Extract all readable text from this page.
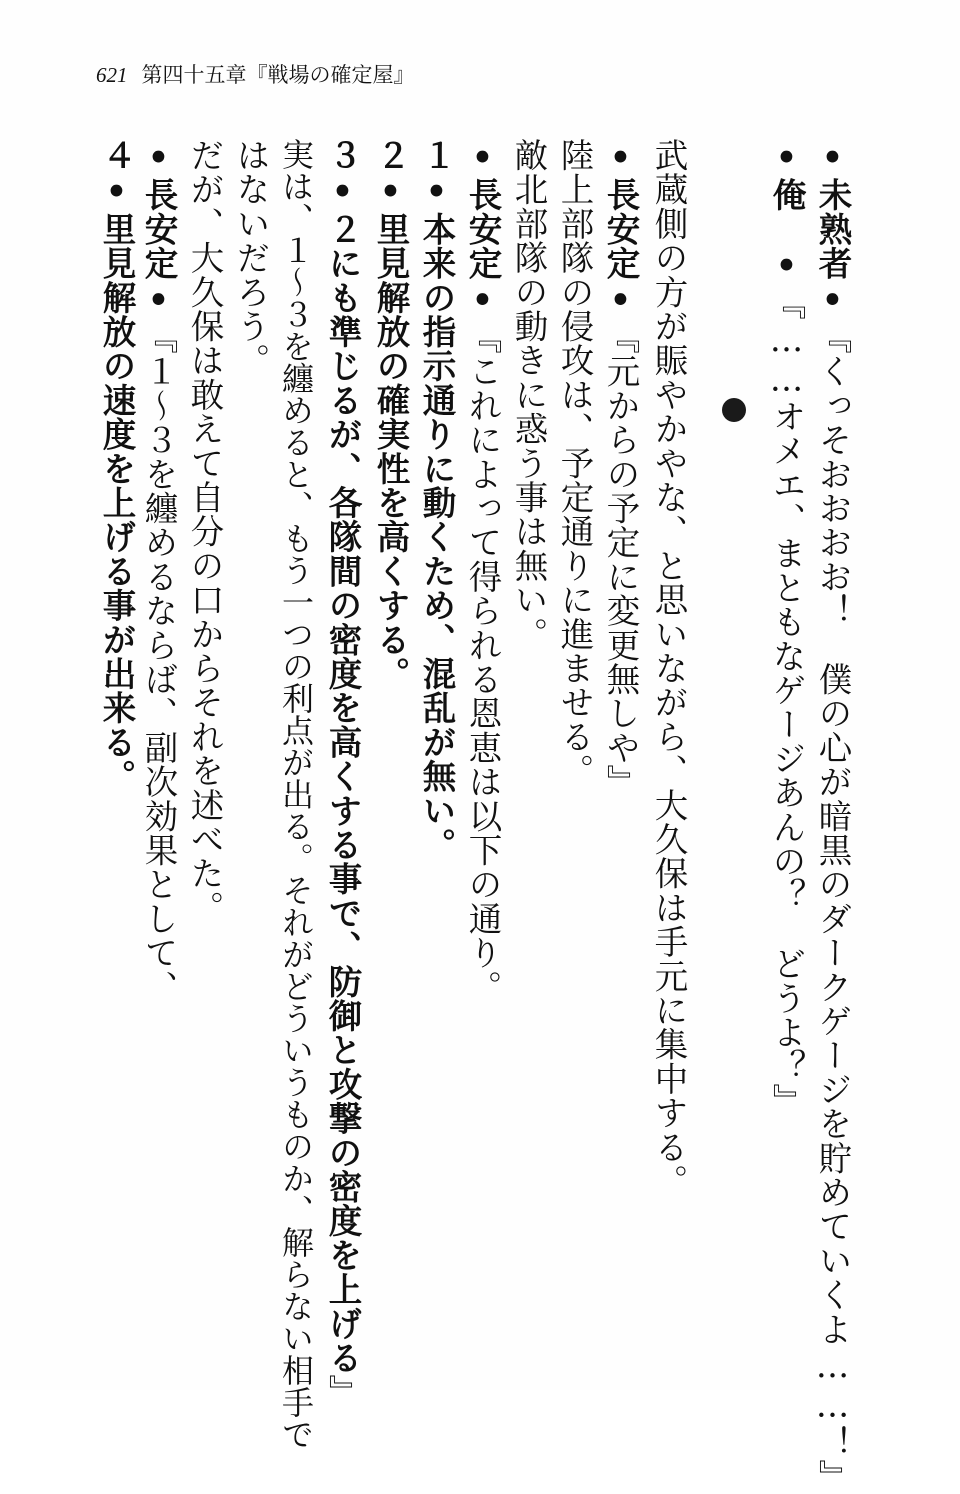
621 第四十五章『戦場の確定屋』
•未熟者•『くっそおおおお！　僕の心が暗黒のダークゲージを貯めていくよ……！』
•俺　•『……オメエ、まともなゲージあんの？　どうよ？』
武蔵側の方が賑やかやな、と思いながら、大久保は手元に集中する。
•長安定•『元からの予定に変更無しや』
陸上部隊の侵攻は、予定通りに進ませる。
敵北部隊の動きに惑う事は無い。
•長安定•『これによって得られる恩恵は以下の通り。
１•本来の指示通りに動くため、混乱が無い。
２•里見解放の確実性を高くする。
３•２にも準じるが、各隊間の密度を高くする事で、防御と攻撃の密度を上げる』
実は、１〜３を纏めると、もう一つの利点が出る。それがどういうものか、解らない相手で
はないだろう。
だが、大久保は敢えて自分の口からそれを述べた。
•長安定•『１〜３を纏めるならば、副次効果として、
４•里見解放の速度を上げる事が出来る。
